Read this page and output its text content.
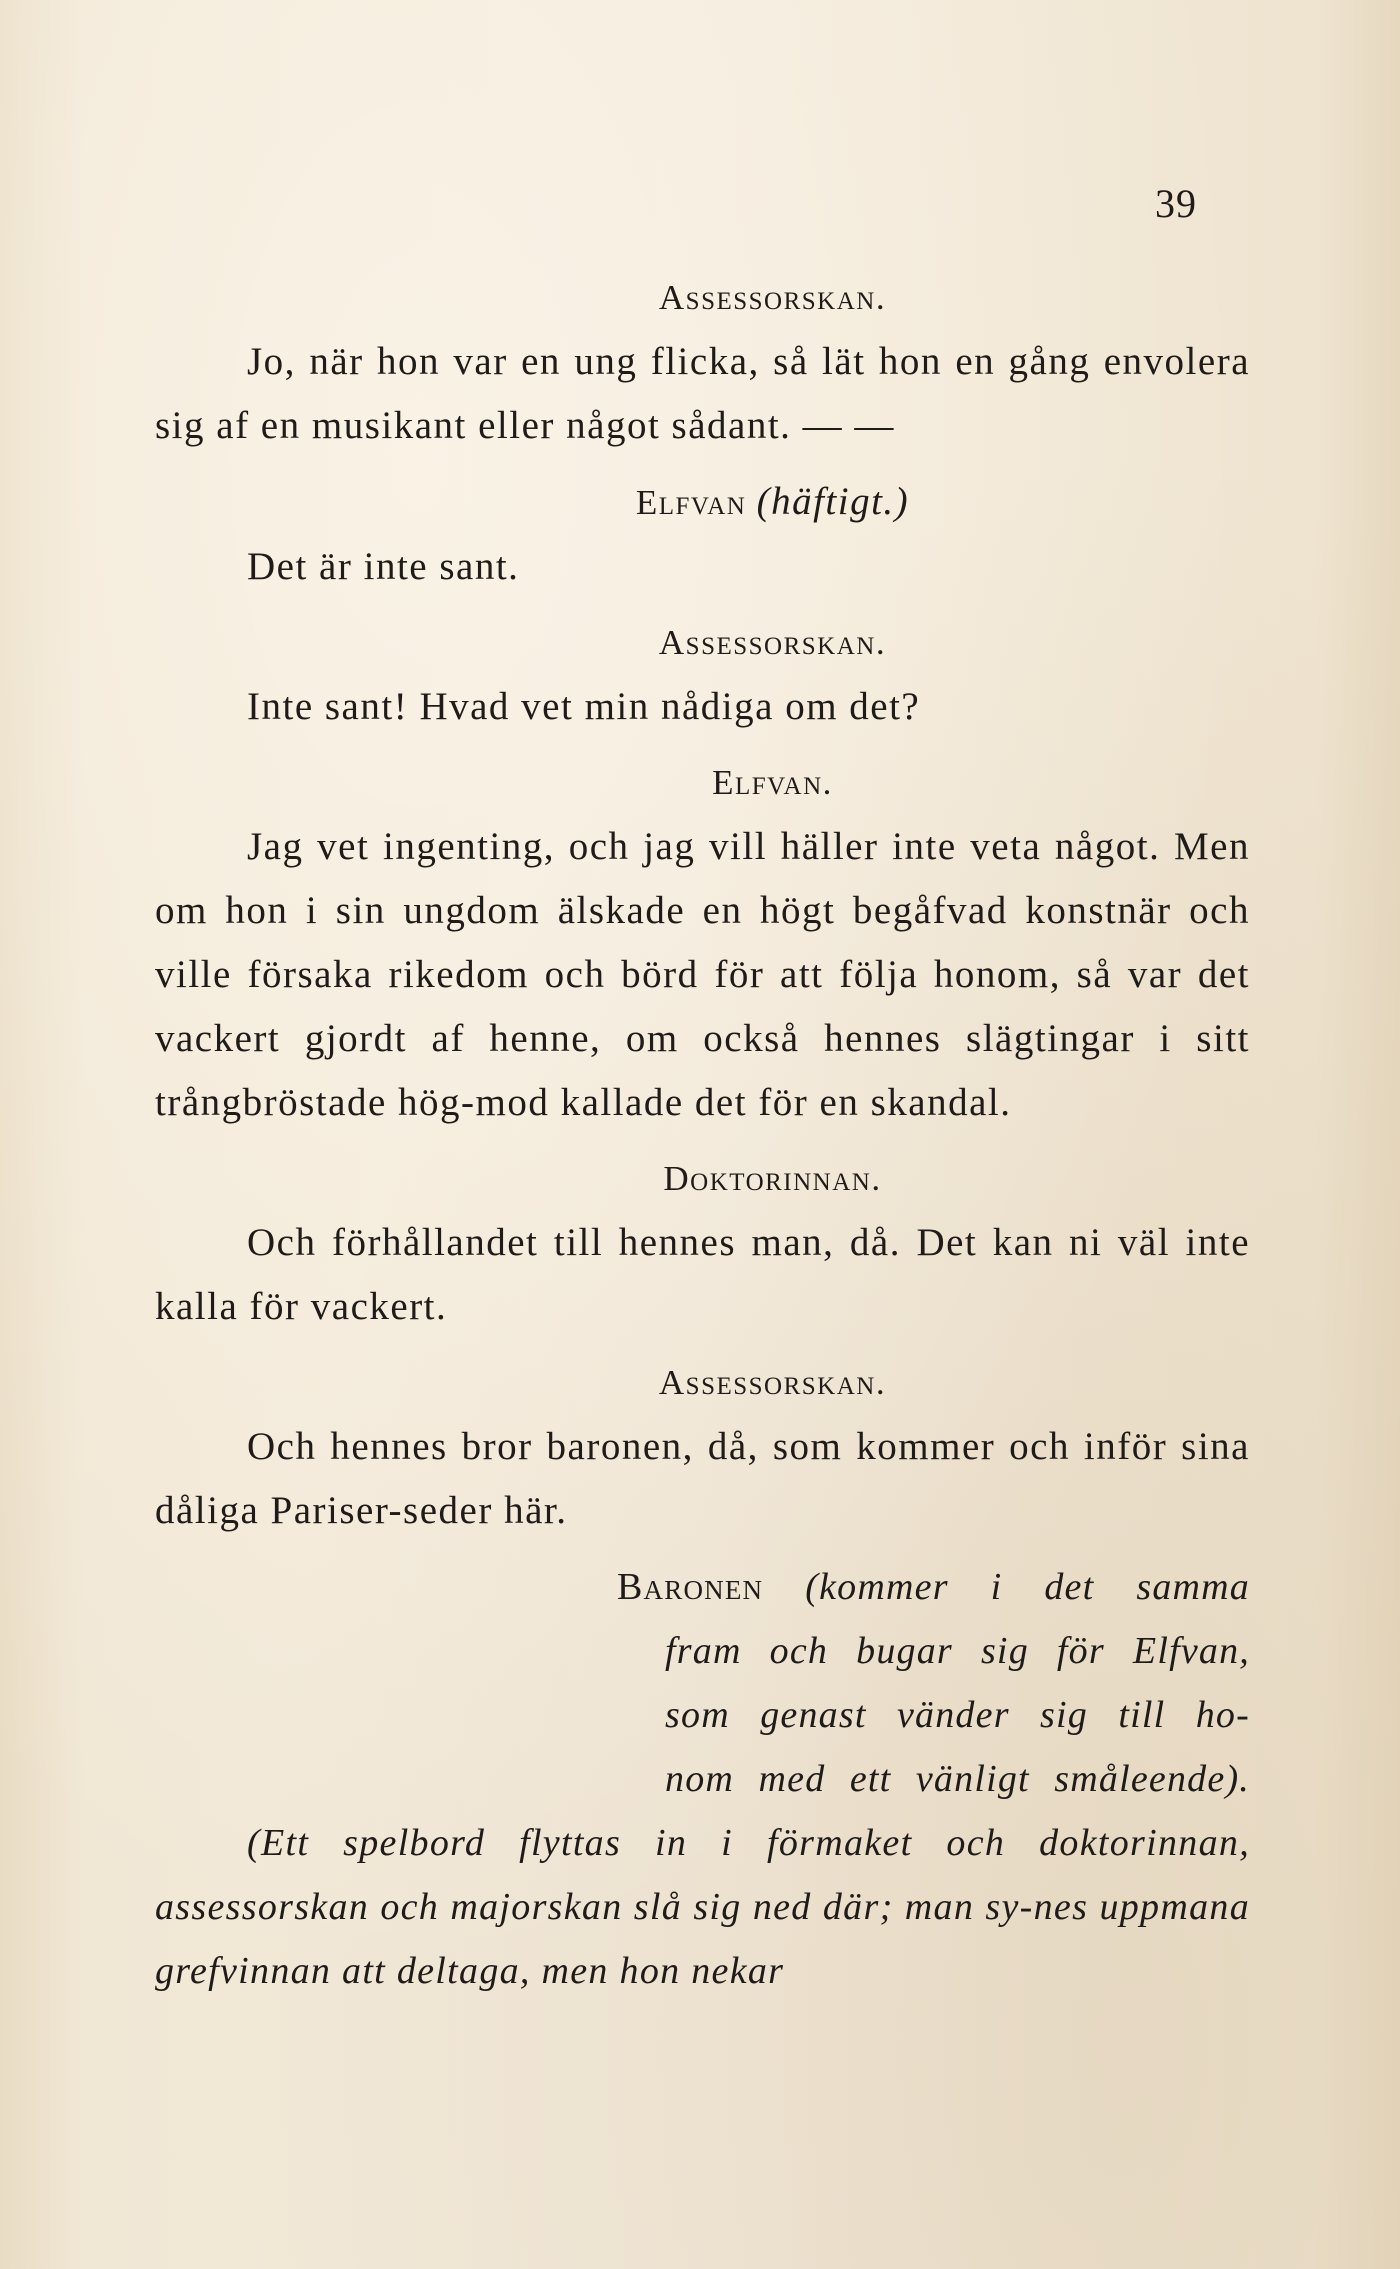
39
Assessorskan.

Jo, när hon var en ung flicka, så lät hon en gång envolera sig af en musikant eller något sådant. — —

Elfvan (häftigt.)

Det är inte sant.

Assessorskan.

Inte sant! Hvad vet min nådiga om det?

Elfvan.

Jag vet ingenting, och jag vill häller inte veta något. Men om hon i sin ungdom älskade en högt begåfvad konstnär och ville försaka rikedom och börd för att följa honom, så var det vackert gjordt af henne, om också hennes slägtingar i sitt trångbröstade hög-mod kallade det för en skandal.

Doktorinnan.

Och förhållandet till hennes man, då. Det kan ni väl inte kalla för vackert.

Assessorskan.

Och hennes bror baronen, då, som kommer och inför sina dåliga Pariser-seder här.

Baronen (kommer i det samma
fram och bugar sig för Elfvan,
som genast vänder sig till ho-
nom med ett vänligt småleende).

(Ett spelbord flyttas in i förmaket och doktorinnan, assessorskan och majorskan slå sig ned där; man sy-nes uppmana grefvinnan att deltaga, men hon nekar
